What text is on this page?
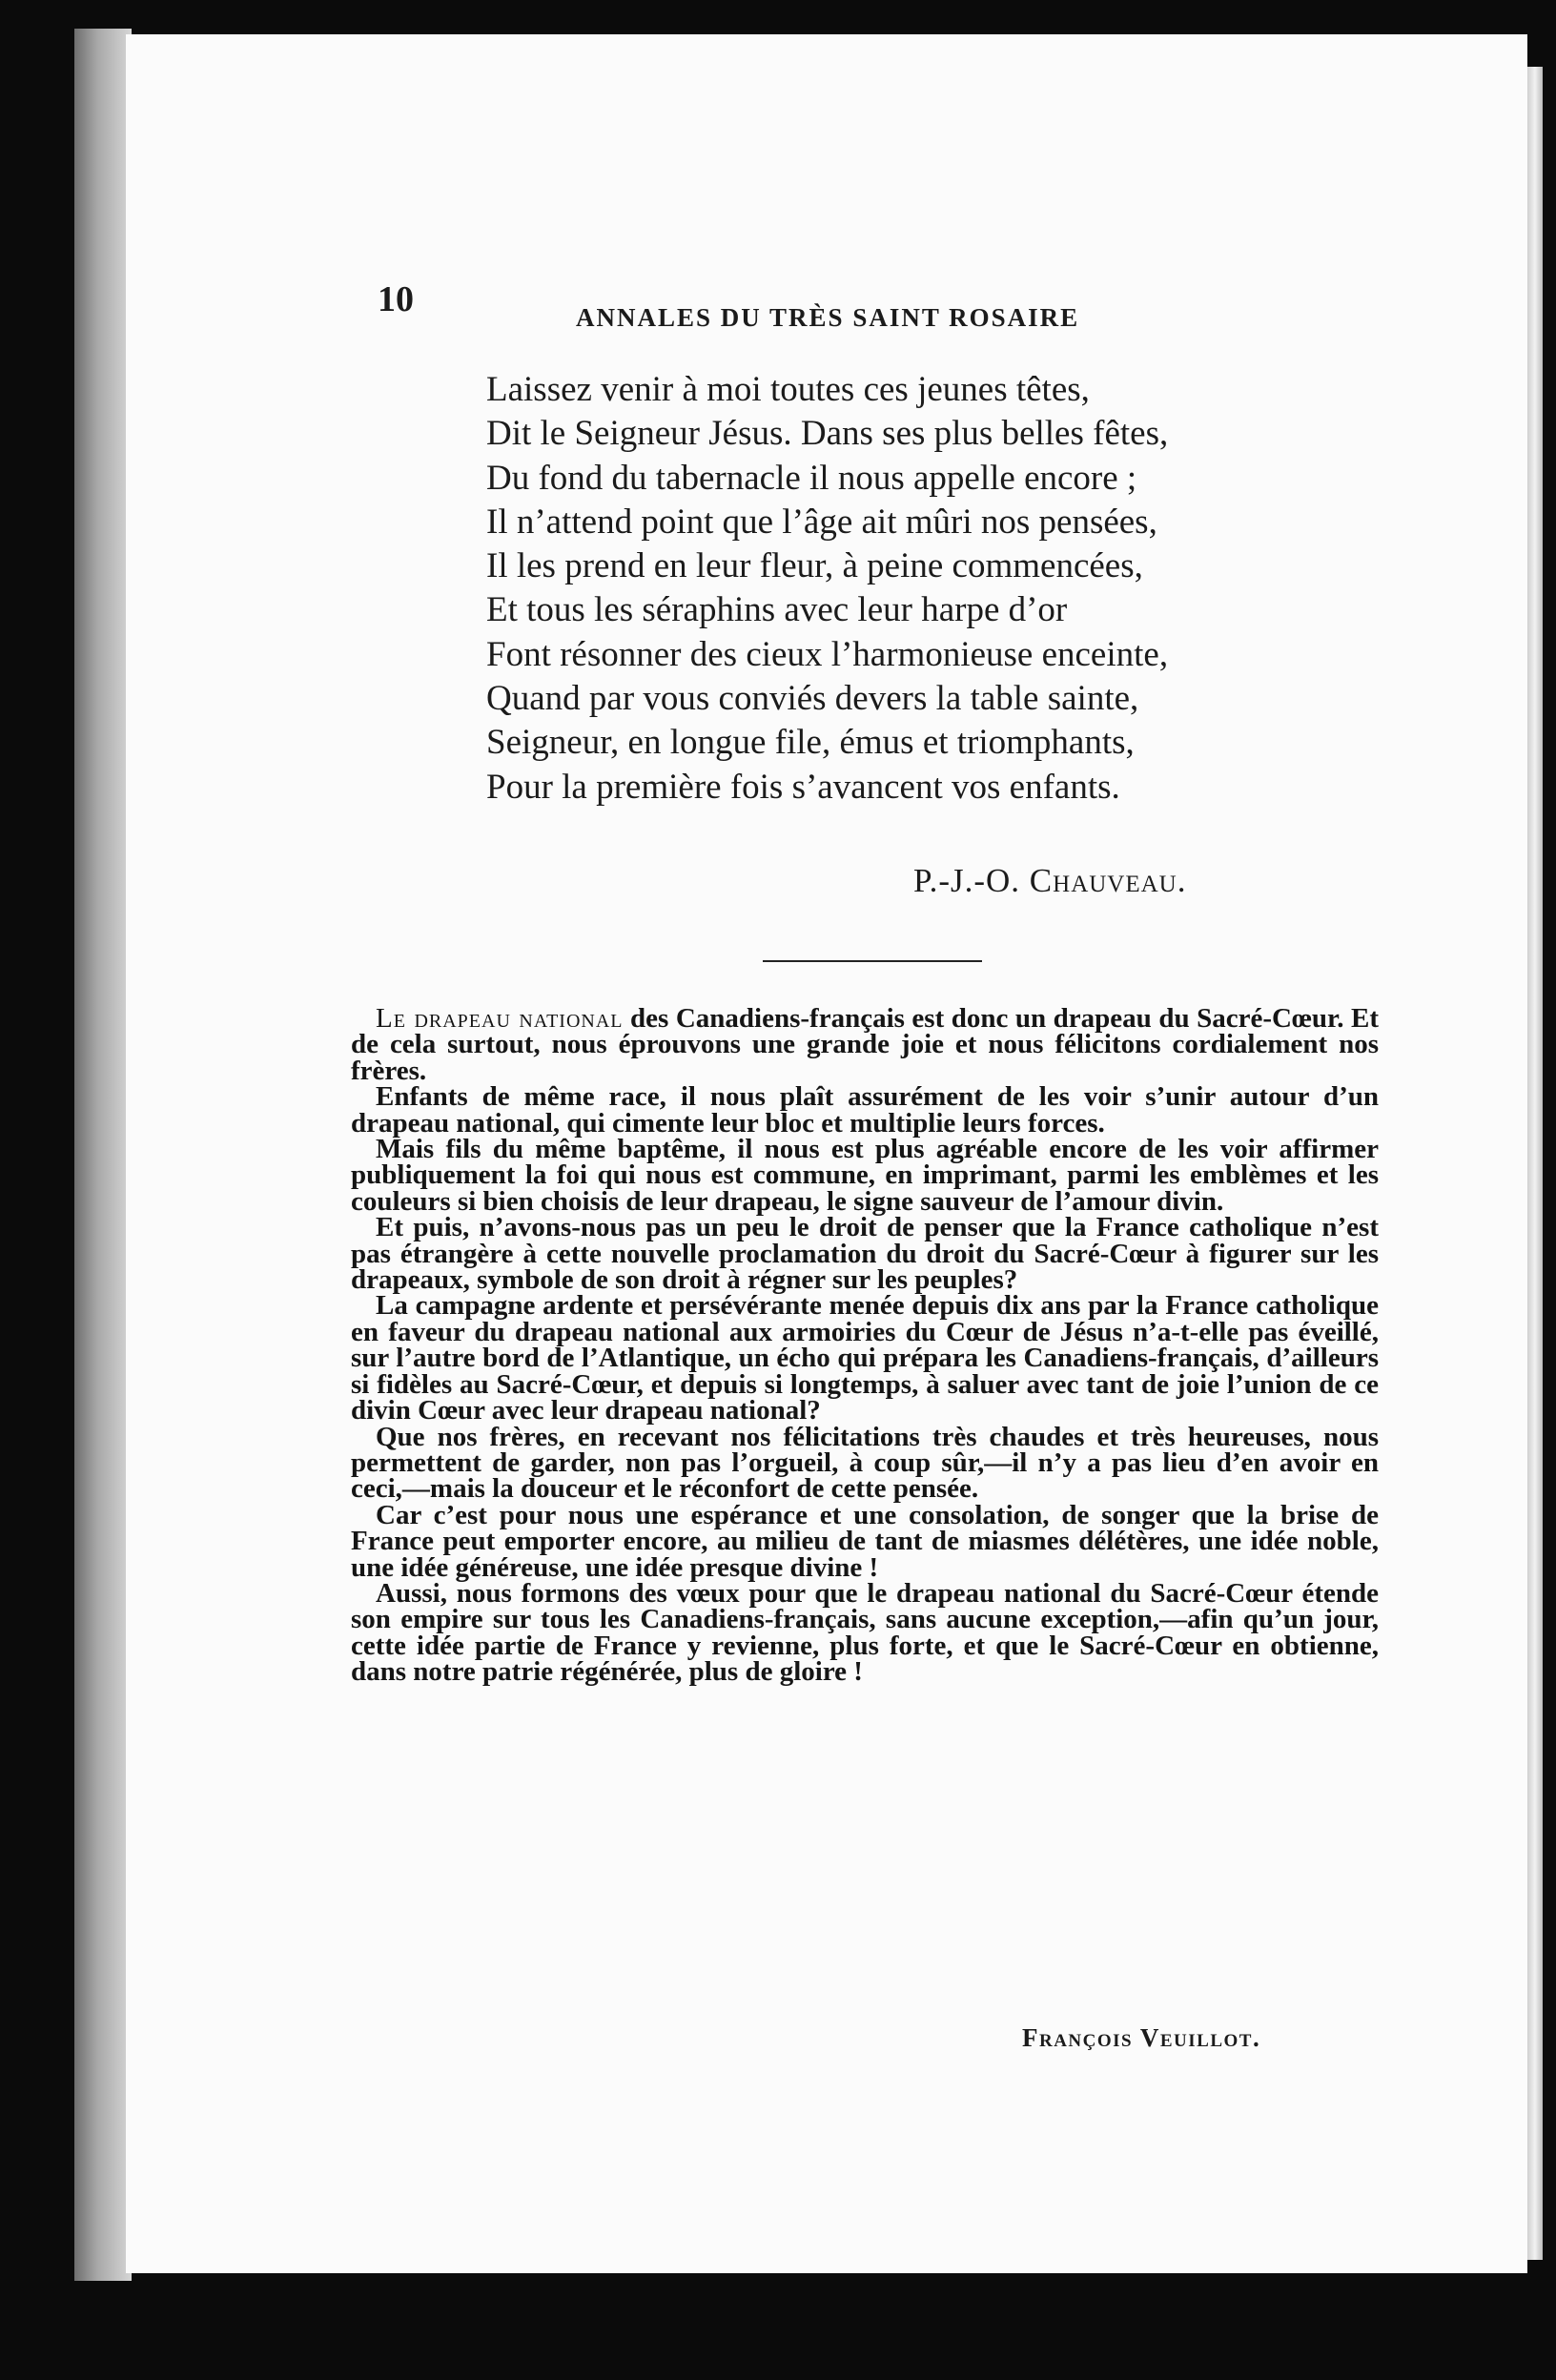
10	ANNALES DU TRÈS SAINT ROSAIRE
Laissez venir à moi toutes ces jeunes têtes,
Dit le Seigneur Jésus. Dans ses plus belles fêtes,
Du fond du tabernacle il nous appelle encore ;
Il n’attend point que l’âge ait mûri nos pensées,
Il les prend en leur fleur, à peine commencées,
Et tous les séraphins avec leur harpe d’or
Font résonner des cieux l’harmonieuse enceinte,
Quand par vous conviés devers la table sainte,
Seigneur, en longue file, émus et triomphants,
Pour la première fois s’avancent vos enfants.
P.-J.-O. Chauveau.

Le drapeau national des Canadiens-français est donc un drapeau du Sacré-Cœur. Et de cela surtout, nous éprouvons une grande joie et nous félicitons cordialement nos frères.

Enfants de même race, il nous plaît assurément de les voir s’unir autour d’un drapeau national, qui cimente leur bloc et multiplie leurs forces.

Mais fils du même baptême, il nous est plus agréable encore de les voir affirmer publiquement la foi qui nous est commune, en imprimant, parmi les emblèmes et les couleurs si bien choisis de leur drapeau, le signe sauveur de l’amour divin.

Et puis, n’avons-nous pas un peu le droit de penser que la France catholique n’est pas étrangère à cette nouvelle proclamation du droit du Sacré-Cœur à figurer sur les drapeaux, symbole de son droit à régner sur les peuples?

La campagne ardente et persévérante menée depuis dix ans par la France catholique en faveur du drapeau national aux armoiries du Cœur de Jésus n’a-t-elle pas éveillé, sur l’autre bord de l’Atlantique, un écho qui prépara les Canadiens-français, d’ailleurs si fidèles au Sacré-Cœur, et depuis si longtemps, à saluer avec tant de joie l’union de ce divin Cœur avec leur drapeau national?

Que nos frères, en recevant nos félicitations très chaudes et très heureuses, nous permettent de garder, non pas l’orgueil, à coup sûr,—il n’y a pas lieu d’en avoir en ceci,—mais la douceur et le réconfort de cette pensée.

Car c’est pour nous une espérance et une consolation, de songer que la brise de France peut emporter encore, au milieu de tant de miasmes délétères, une idée noble, une idée généreuse, une idée presque divine !

Aussi, nous formons des vœux pour que le drapeau national du Sacré-Cœur étende son empire sur tous les Canadiens-français, sans aucune exception,—afin qu’un jour, cette idée partie de France y revienne, plus forte, et que le Sacré-Cœur en obtienne, dans notre patrie régénérée, plus de gloire !

François Veuillot.
